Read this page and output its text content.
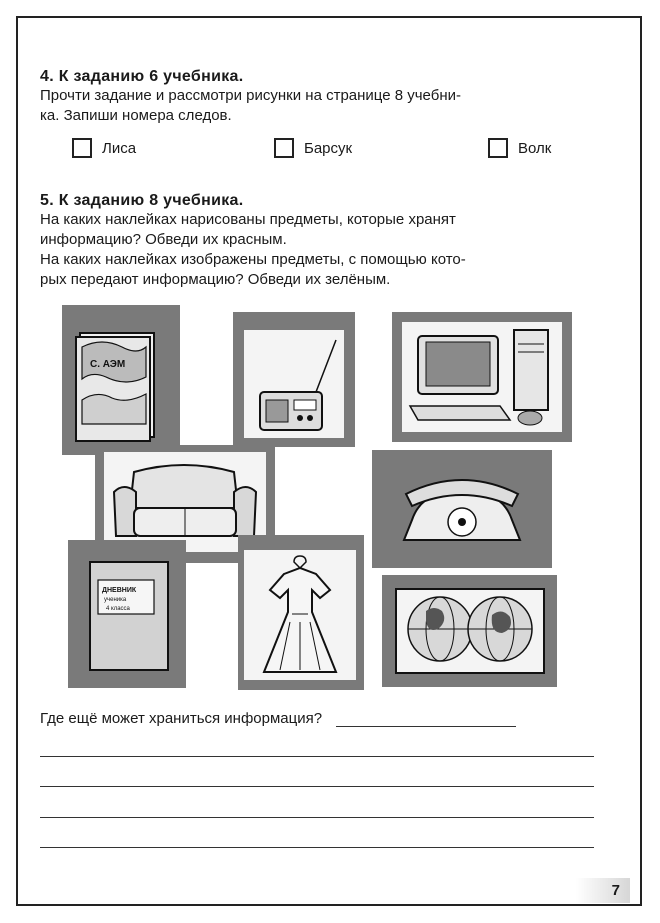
4. К заданию 6 учебника.
Прочти задание и рассмотри рисунки на странице 8 учебни-
ка. Запиши номера следов.
Лиса	Барсук	Волк
5. К заданию 8 учебника.
На каких наклейках нарисованы предметы, которые хранят
информацию? Обведи их красным.
На каких наклейках изображены предметы, с помощью кото-
рых передают информацию? Обведи их зелёным.
С. АЭМ
ДНЕВНИК
ученика
4 класса
Где ещё может храниться информация?
7
